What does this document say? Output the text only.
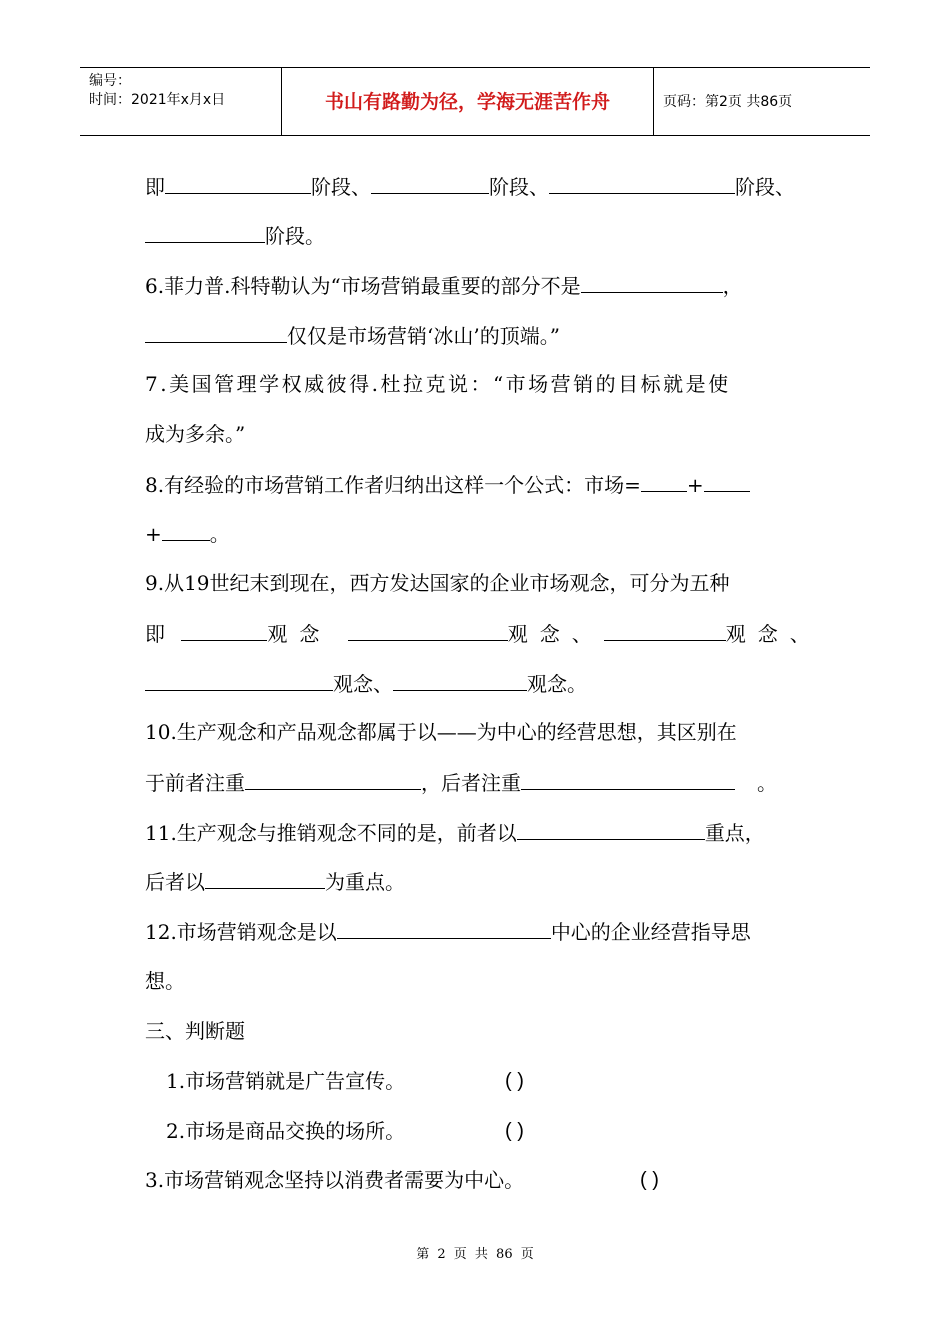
编号：
时间：2021年x月x日	书山有路勤为径，学海无涯苦作舟	页码：第2页 共86页
即	阶段、	阶段、	阶段、
阶段。
6.菲力普.科特勒认为“市场营销最重要的部分不是	，
仅仅是市场营销‘冰山’的顶端。”
7.美国管理学权威彼得.杜拉克说：“市场营销的目标就是使
成为多余。”
8.有经验的市场营销工作者归纳出这样一个公式：市场= +
+ 。
9.从19世纪末到现在，西方发达国家的企业市场观念，可分为五种
即	观念	观念、	观念、
观念、	观念。
10.生产观念和产品观念都属于以——为中心的经营思想，其区别在
于前者注重	，后者注重	。
11.生产观念与推销观念不同的是，前者以	重点，
后者以	为重点。
12.市场营销观念是以	中心的企业经营指导思
想。
三、判断题
1.市场营销就是广告宣传。	( )
2.市场是商品交换的场所。	( )
3.市场营销观念坚持以消费者需要为中心。	( )
第 2 页 共 86 页
